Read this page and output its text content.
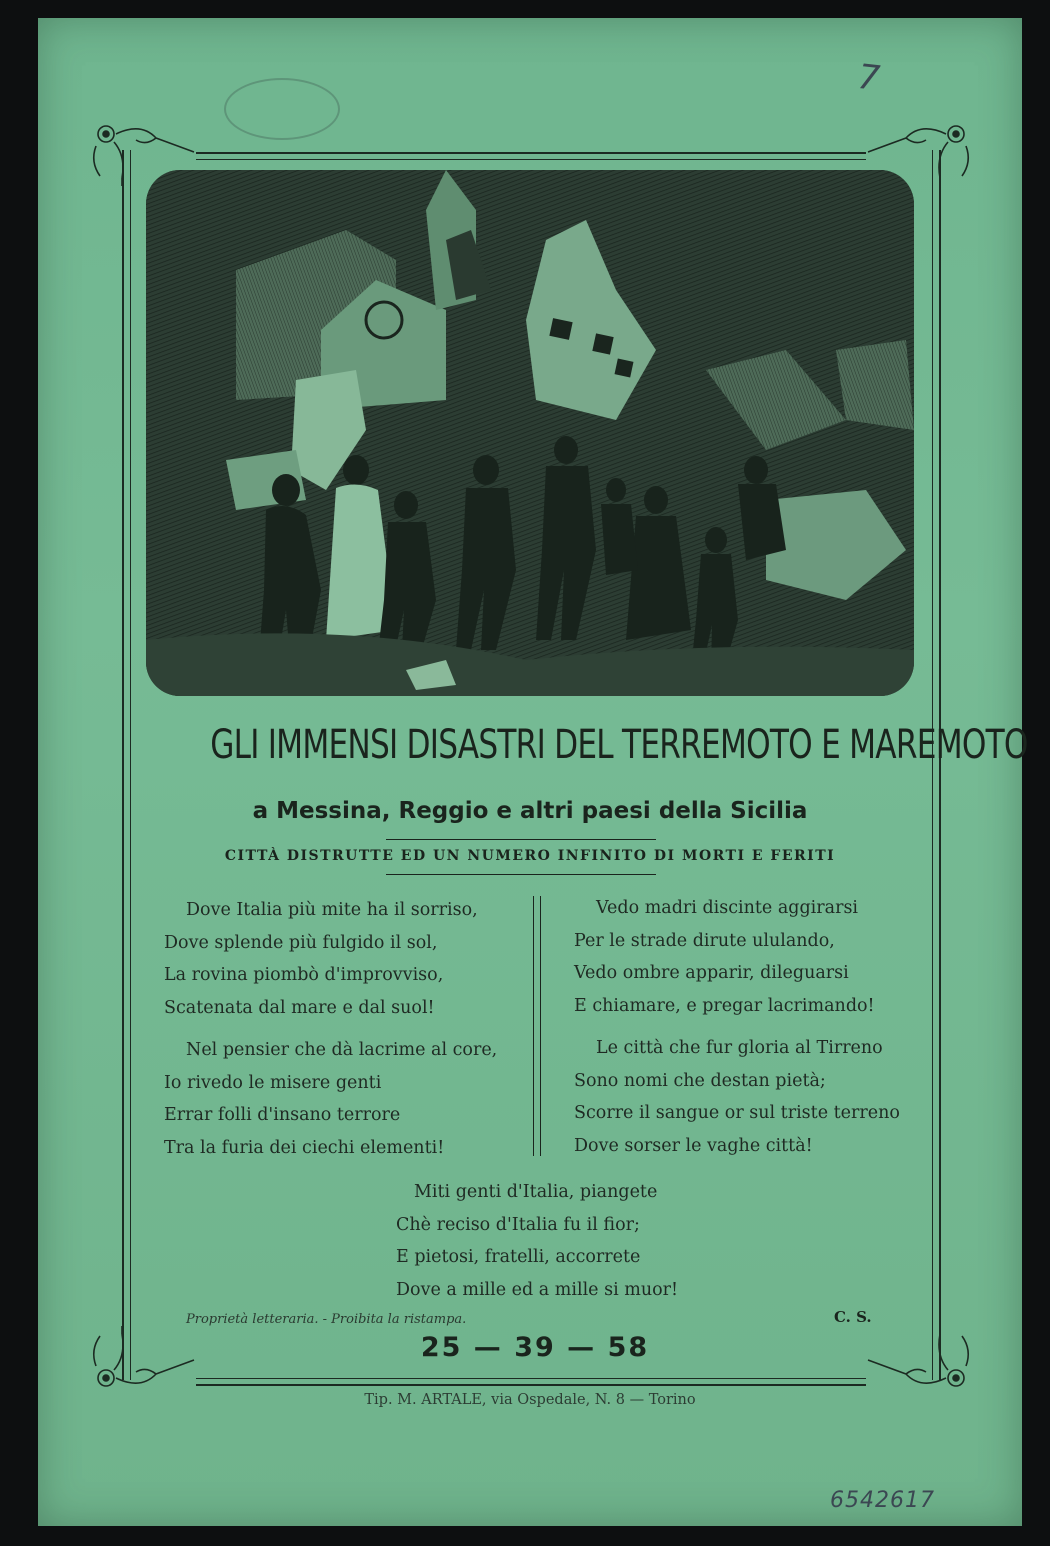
7
GLI IMMENSI DISASTRI DEL TERREMOTO E MAREMOTO
a Messina, Reggio e altri paesi della Sicilia
CITTÀ DISTRUTTE ED UN NUMERO INFINITO DI MORTI E FERITI
Dove Italia più mite ha il sorriso,
Dove splende più fulgido il sol,
La rovina piombò d'improvviso,
Scatenata dal mare e dal suol!
Nel pensier che dà lacrime al core,
Io rivedo le misere genti
Errar folli d'insano terrore
Tra la furia dei ciechi elementi!
Vedo madri discinte aggirarsi
Per le strade dirute ululando,
Vedo ombre apparir, dileguarsi
E chiamare, e pregar lacrimando!
Le città che fur gloria al Tirreno
Sono nomi che destan pietà;
Scorre il sangue or sul triste terreno
Dove sorser le vaghe città!
Miti genti d'Italia, piangete
Chè reciso d'Italia fu il fior;
E pietosi, fratelli, accorrete
Dove a mille ed a mille si muor!
Proprietà letteraria. - Proibita la ristampa.	C. S.
25 — 39 — 58
Tip. M. ARTALE, via Ospedale, N. 8 — Torino
6542617
